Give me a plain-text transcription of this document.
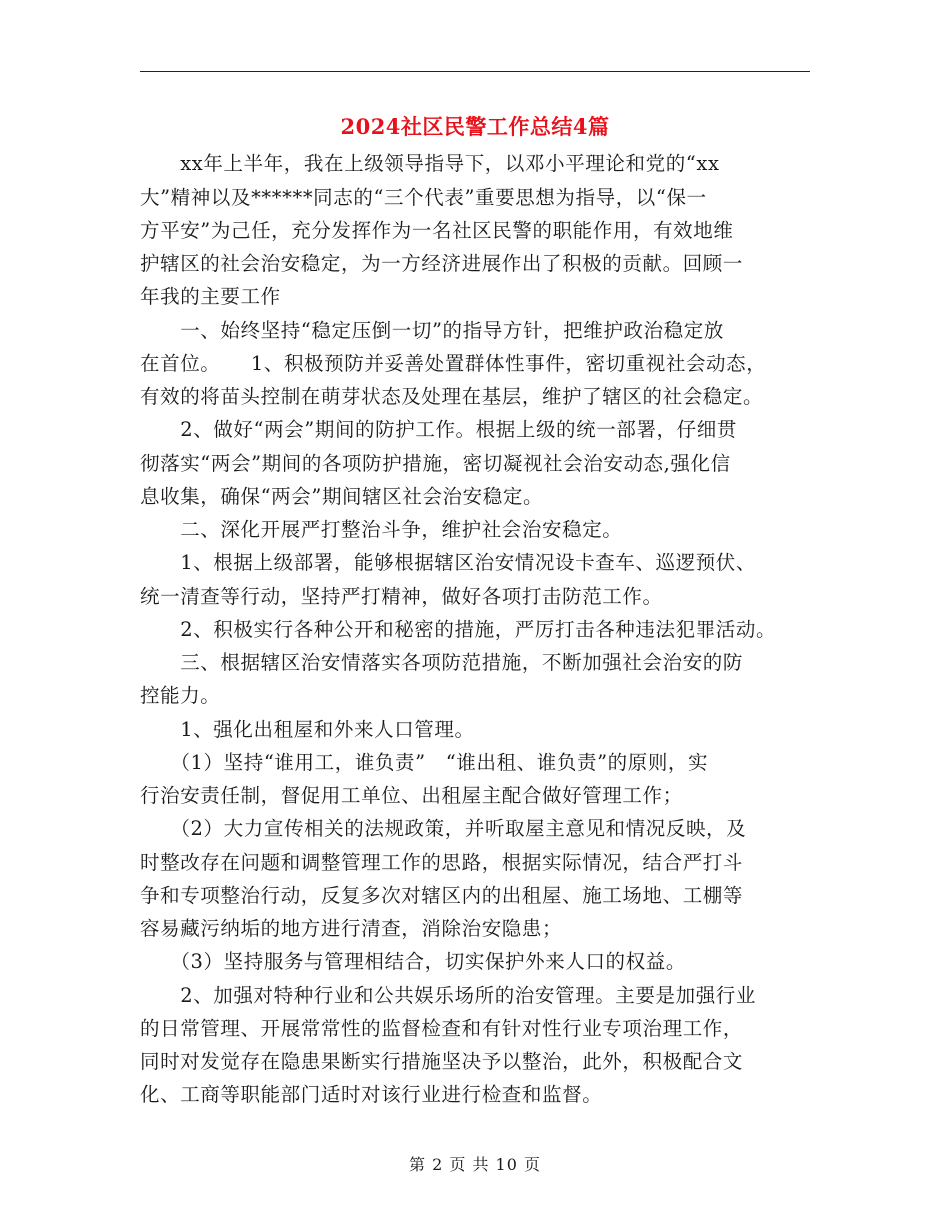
2024社区民警工作总结4篇
　　xx年上半年，我在上级领导指导下，以邓小平理论和党的“xx
大”精神以及******同志的“三个代表”重要思想为指导，以“保一
方平安”为己任，充分发挥作为一名社区民警的职能作用，有效地维
护辖区的社会治安稳定，为一方经济进展作出了积极的贡献。回顾一
年我的主要工作
　　一、始终坚持“稳定压倒一切”的指导方针，把维护政治稳定放
在首位。　　1、积极预防并妥善处置群体性事件，密切重视社会动态，
有效的将苗头控制在萌芽状态及处理在基层，维护了辖区的社会稳定。
　　2、做好“两会”期间的防护工作。根据上级的统一部署，仔细贯
彻落实“两会”期间的各项防护措施，密切凝视社会治安动态,强化信
息收集，确保“两会”期间辖区社会治安稳定。
　　二、深化开展严打整治斗争，维护社会治安稳定。
　　1、根据上级部署，能够根据辖区治安情况设卡查车、巡逻预伏、
统一清查等行动，坚持严打精神，做好各项打击防范工作。
　　2、积极实行各种公开和秘密的措施，严厉打击各种违法犯罪活动。
　　三、根据辖区治安情落实各项防范措施，不断加强社会治安的防
控能力。
　　1、强化出租屋和外来人口管理。
　　（1）坚持“谁用工，谁负责”　“谁出租、谁负责”的原则，实
行治安责任制，督促用工单位、出租屋主配合做好管理工作；
　　（2）大力宣传相关的法规政策，并听取屋主意见和情况反映，及
时整改存在问题和调整管理工作的思路，根据实际情况，结合严打斗
争和专项整治行动，反复多次对辖区内的出租屋、施工场地、工棚等
容易藏污纳垢的地方进行清查，消除治安隐患；
　　（3）坚持服务与管理相结合，切实保护外来人口的权益。
　　2、加强对特种行业和公共娱乐场所的治安管理。主要是加强行业
的日常管理、开展常常性的监督检查和有针对性行业专项治理工作，
同时对发觉存在隐患果断实行措施坚决予以整治，此外，积极配合文
化、工商等职能部门适时对该行业进行检查和监督。
第 2 页 共 10 页
